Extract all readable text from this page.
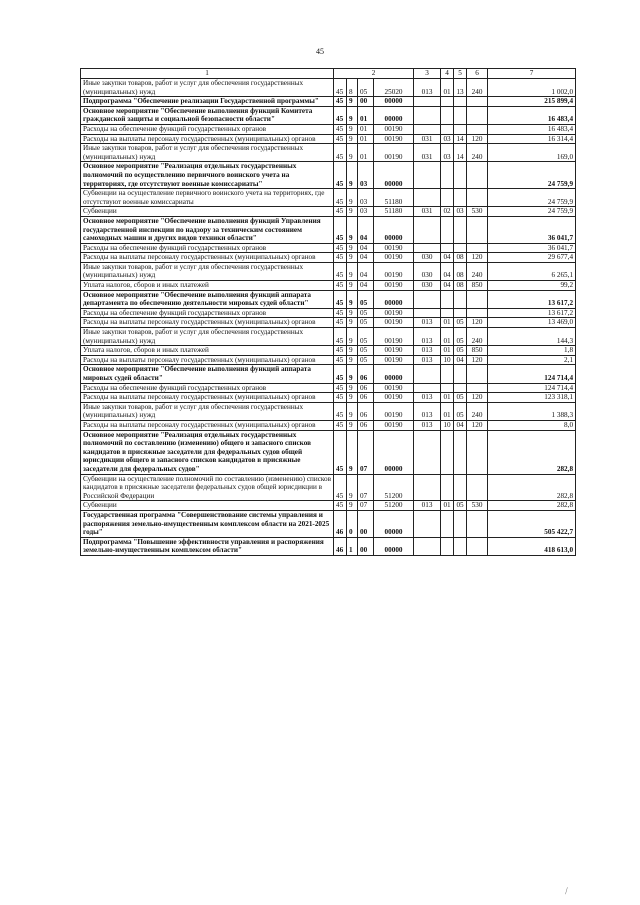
45
1	2				3	4	5	6	7
Иные закупки товаров, работ и услуг для обеспечения государственных (муниципальных) нужд	45	8	05	25020	013	01	13	240	1 002,0
Подпрограмма "Обеспечение реализации Государственной программы"	45	9	00	00000					215 899,4
Основное мероприятие "Обеспечение выполнения функций Комитета гражданской защиты и социальной безопасности области"	45	9	01	00000					16 483,4
Расходы на обеспечение функций государственных органов	45	9	01	00190					16 483,4
Расходы на выплаты персоналу государственных (муниципальных) органов	45	9	01	00190	031	03	14	120	16 314,4
Иные закупки товаров, работ и услуг для обеспечения государственных (муниципальных) нужд	45	9	01	00190	031	03	14	240	169,0
Основное мероприятие "Реализация отдельных государственных полномочий по осуществлению первичного воинского учета на территориях, где отсутствуют военные комиссариаты"	45	9	03	00000					24 759,9
Субвенции на осуществление первичного воинского учета на территориях, где отсутствуют военные комиссариаты	45	9	03	51180					24 759,9
Субвенции	45	9	03	51180	031	02	03	530	24 759,9
Основное мероприятие "Обеспечение выполнения функций Управления государственной инспекции по надзору за техническим состоянием самоходных машин и других видов техники области"	45	9	04	00000					36 041,7
Расходы на обеспечение функций государственных органов	45	9	04	00190					36 041,7
Расходы на выплаты персоналу государственных (муниципальных) органов	45	9	04	00190	030	04	08	120	29 677,4
Иные закупки товаров, работ и услуг для обеспечения государственных (муниципальных) нужд	45	9	04	00190	030	04	08	240	6 265,1
Уплата налогов, сборов и иных платежей	45	9	04	00190	030	04	08	850	99,2
Основное мероприятие "Обеспечение выполнения функций аппарата департамента по обеспечению деятельности мировых судей области"	45	9	05	00000					13 617,2
Расходы на обеспечение функций государственных органов	45	9	05	00190					13 617,2
Расходы на выплаты персоналу государственных (муниципальных) органов	45	9	05	00190	013	01	05	120	13 469,0
Иные закупки товаров, работ и услуг для обеспечения государственных (муниципальных) нужд	45	9	05	00190	013	01	05	240	144,3
Уплата налогов, сборов и иных платежей	45	9	05	00190	013	01	05	850	1,8
Расходы на выплаты персоналу государственных (муниципальных) органов	45	9	05	00190	013	10	04	120	2,1
Основное мероприятие "Обеспечение выполнения функций аппарата мировых судей области"	45	9	06	00000					124 714,4
Расходы на обеспечение функций государственных органов	45	9	06	00190					124 714,4
Расходы на выплаты персоналу государственных (муниципальных) органов	45	9	06	00190	013	01	05	120	123 318,1
Иные закупки товаров, работ и услуг для обеспечения государственных (муниципальных) нужд	45	9	06	00190	013	01	05	240	1 388,3
Расходы на выплаты персоналу государственных (муниципальных) органов	45	9	06	00190	013	10	04	120	8,0
Основное мероприятие "Реализация отдельных государственных полномочий по составлению (изменению) общего и запасного списков кандидатов в присяжные заседатели для федеральных судов общей юрисдикции общего и запасного списков кандидатов в присяжные заседатели для федеральных судов"	45	9	07	00000					282,8
Субвенции на осуществление полномочий по составлению (изменению) списков кандидатов в присяжные заседатели федеральных судов общей юрисдикции в Российской Федерации	45	9	07	51200					282,8
Субвенции	45	9	07	51200	013	01	05	530	282,8
Государственная программа "Совершенствование системы управления и распоряжения земельно-имущественным комплексом области на 2021-2025 годы"	46	0	00	00000					505 422,7
Подпрограмма "Повышение эффективности управления и распоряжения земельно-имущественным комплексом области"	46	1	00	00000					418 613,0
⁄
